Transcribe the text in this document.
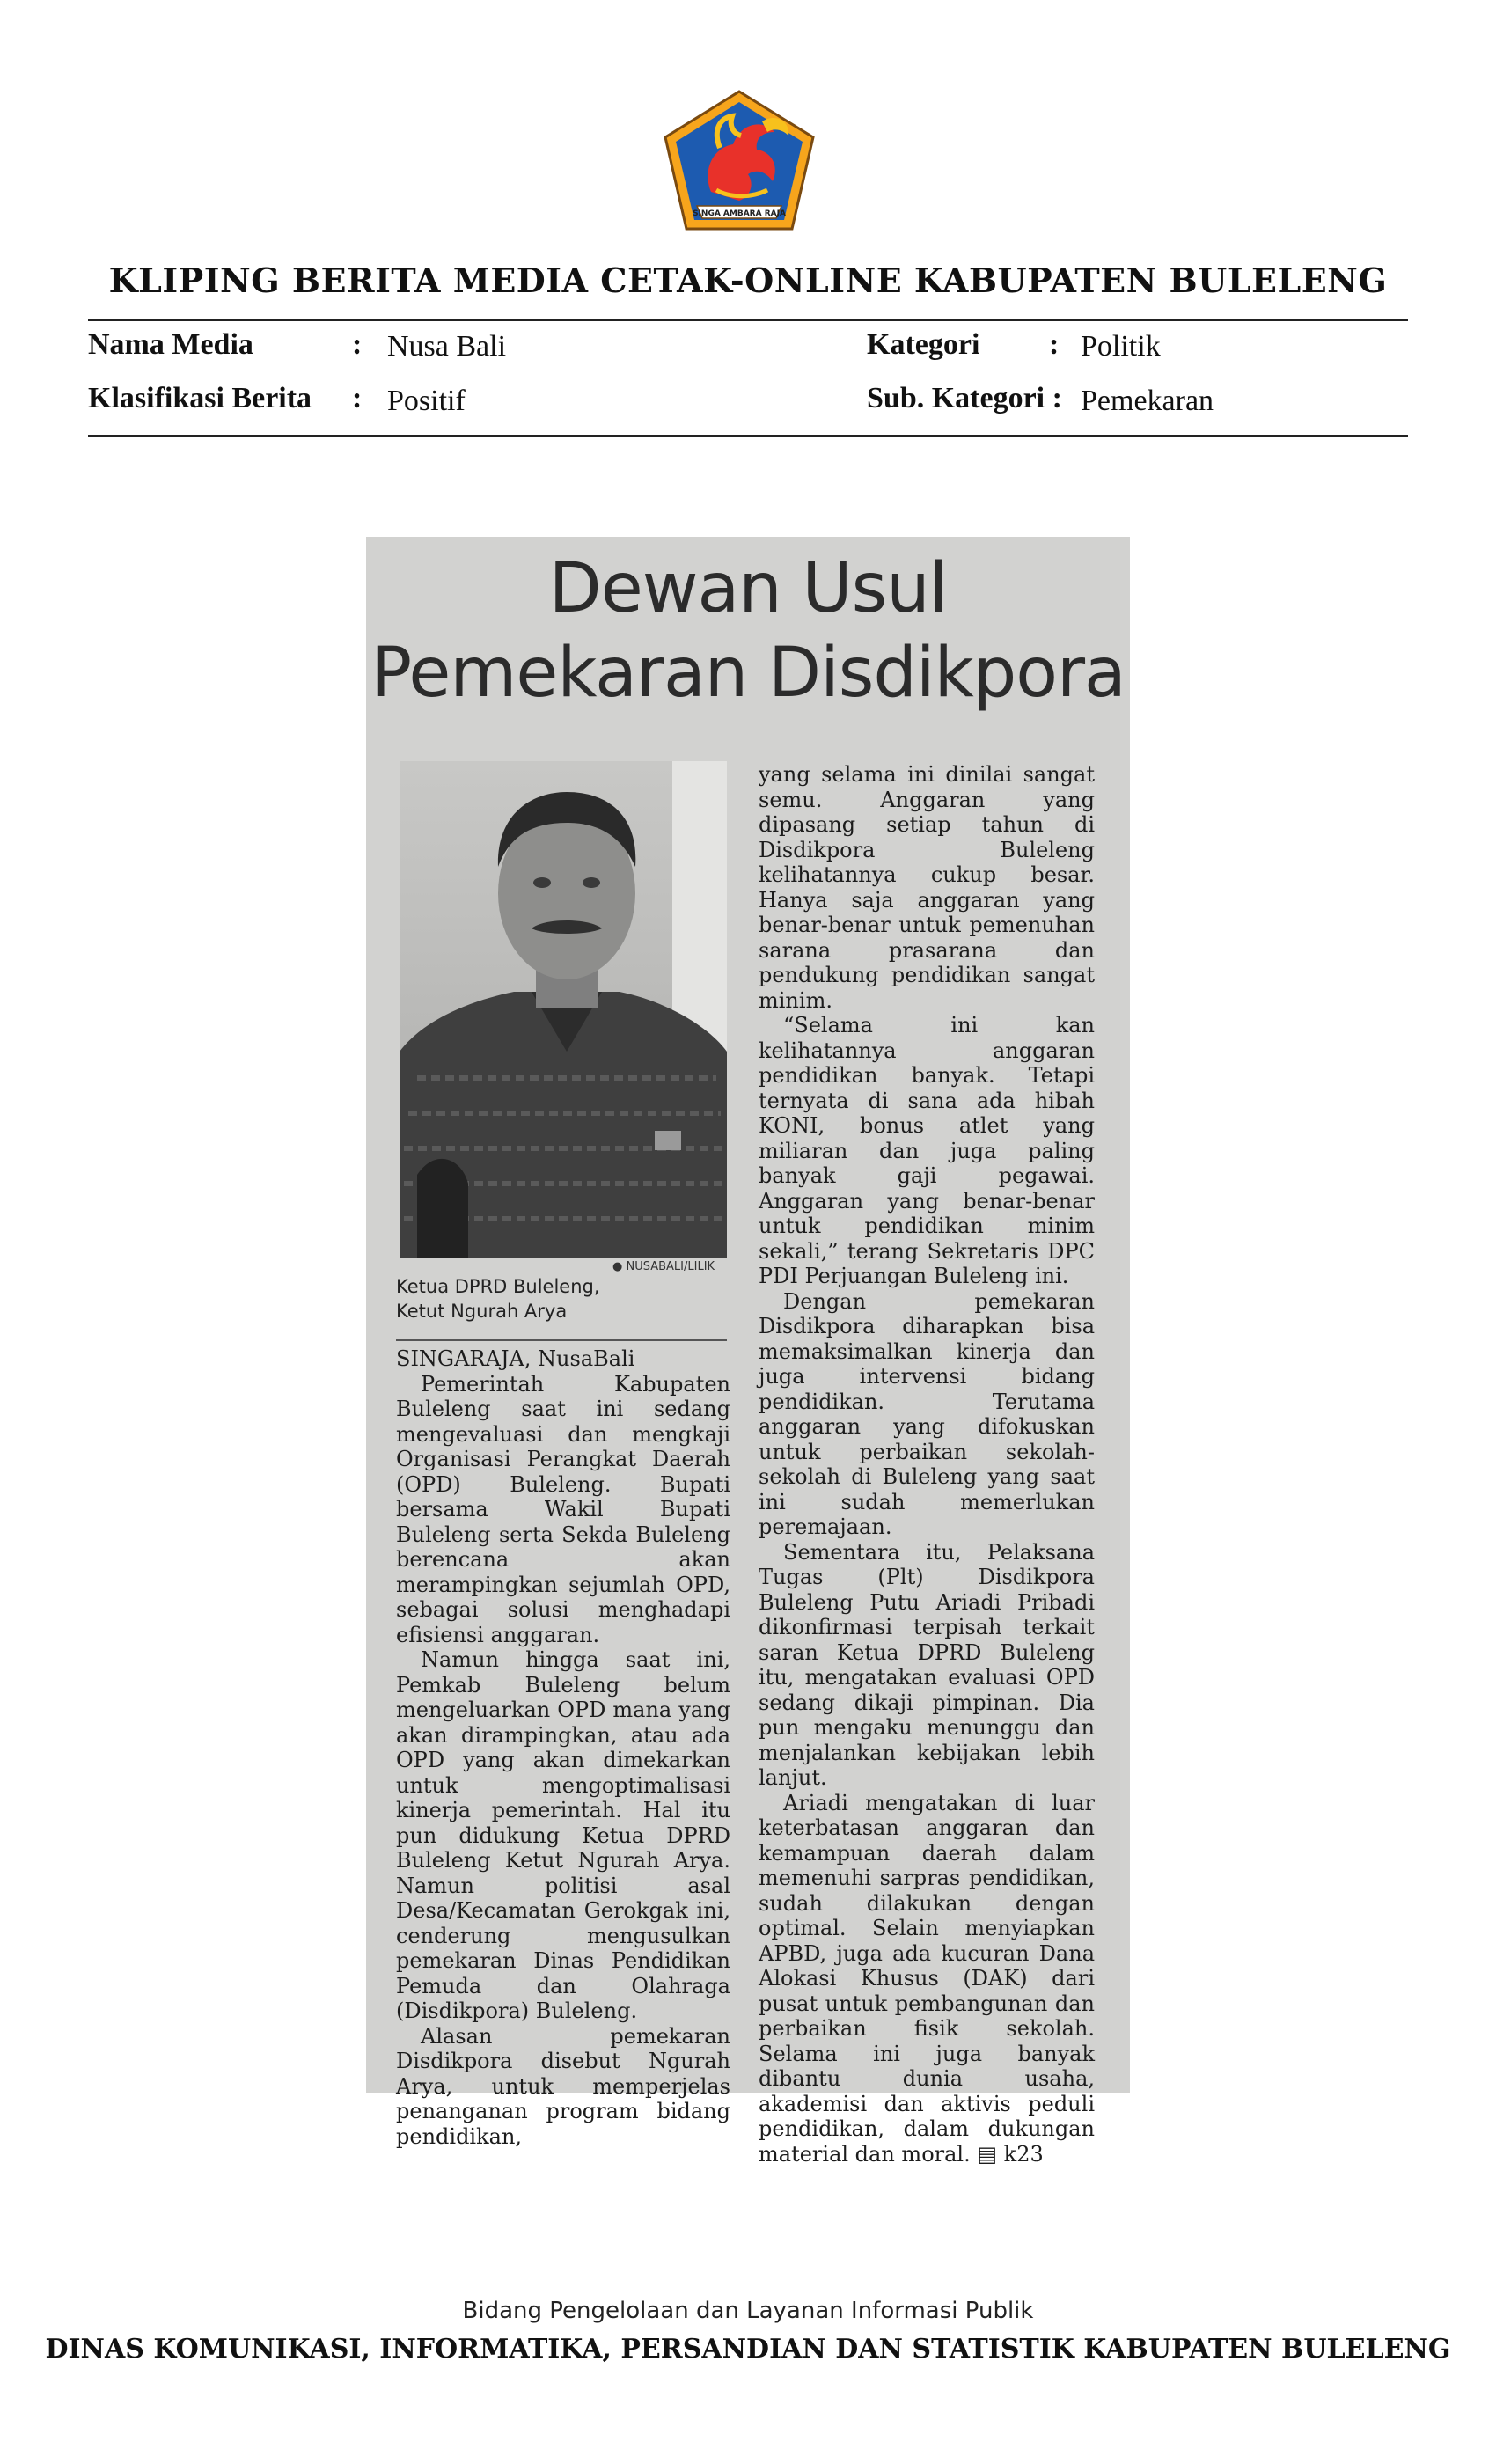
SINGA AMBARA RAJA
KLIPING BERITA MEDIA CETAK-ONLINE KABUPATEN BULELENG
Nama Media	: Nusa Bali
Klasifikasi Berita : Positif
Kategori : Politik
Sub. Kategori : Pemekaran
Dewan Usul
Pemekaran Disdikpora
● NUSABALI/LILIK
Ketua DPRD Buleleng,
Ketut Ngurah Arya

SINGARAJA, NusaBali

Pemerintah Kabupaten Buleleng saat ini sedang mengevaluasi dan mengkaji Organisasi Perangkat Daerah (OPD) Buleleng. Bupati bersama Wakil Bupati Buleleng serta Sekda Buleleng berencana akan merampingkan sejumlah OPD, sebagai solusi menghadapi efisiensi anggaran.

Namun hingga saat ini, Pemkab Buleleng belum mengeluarkan OPD mana yang akan dirampingkan, atau ada OPD yang akan dimekarkan untuk mengoptimalisasi kinerja pemerintah. Hal itu pun didukung Ketua DPRD Buleleng Ketut Ngurah Arya. Namun politisi asal Desa/Kecamatan Gerokgak ini, cenderung mengusulkan pemekaran Dinas Pendidikan Pemuda dan Olahraga (Disdikpora) Buleleng.

Alasan pemekaran Disdikpora disebut Ngurah Arya, untuk memperjelas penanganan program bidang pendidikan,

yang selama ini dinilai sangat semu. Anggaran yang dipasang setiap tahun di Disdikpora Buleleng kelihatannya cukup besar. Hanya saja anggaran yang benar-benar untuk pemenuhan sarana prasarana dan pendukung pendidikan sangat minim.

“Selama ini kan kelihatannya anggaran pendidikan banyak. Tetapi ternyata di sana ada hibah KONI, bonus atlet yang miliaran dan juga paling banyak gaji pegawai. Anggaran yang benar-benar untuk pendidikan minim sekali,” terang Sekretaris DPC PDI Perjuangan Buleleng ini.

Dengan pemekaran Disdikpora diharapkan bisa memaksimalkan kinerja dan juga intervensi bidang pendidikan. Terutama anggaran yang difokuskan untuk perbaikan sekolah-sekolah di Buleleng yang saat ini sudah memerlukan peremajaan.

Sementara itu, Pelaksana Tugas (Plt) Disdikpora Buleleng Putu Ariadi Pribadi dikonfirmasi terpisah terkait saran Ketua DPRD Buleleng itu, mengatakan evaluasi OPD sedang dikaji pimpinan. Dia pun mengaku menunggu dan menjalankan kebijakan lebih lanjut.

Ariadi mengatakan di luar keterbatasan anggaran dan kemampuan daerah dalam memenuhi sarpras pendidikan, sudah dilakukan dengan optimal. Selain menyiapkan APBD, juga ada kucuran Dana Alokasi Khusus (DAK) dari pusat untuk pembangunan dan perbaikan fisik sekolah. Selama ini juga banyak dibantu dunia usaha, akademisi dan aktivis peduli pendidikan, dalam dukungan material dan moral. ▤ k23

Bidang Pengelolaan dan Layanan Informasi Publik
DINAS KOMUNIKASI, INFORMATIKA, PERSANDIAN DAN STATISTIK KABUPATEN BULELENG
